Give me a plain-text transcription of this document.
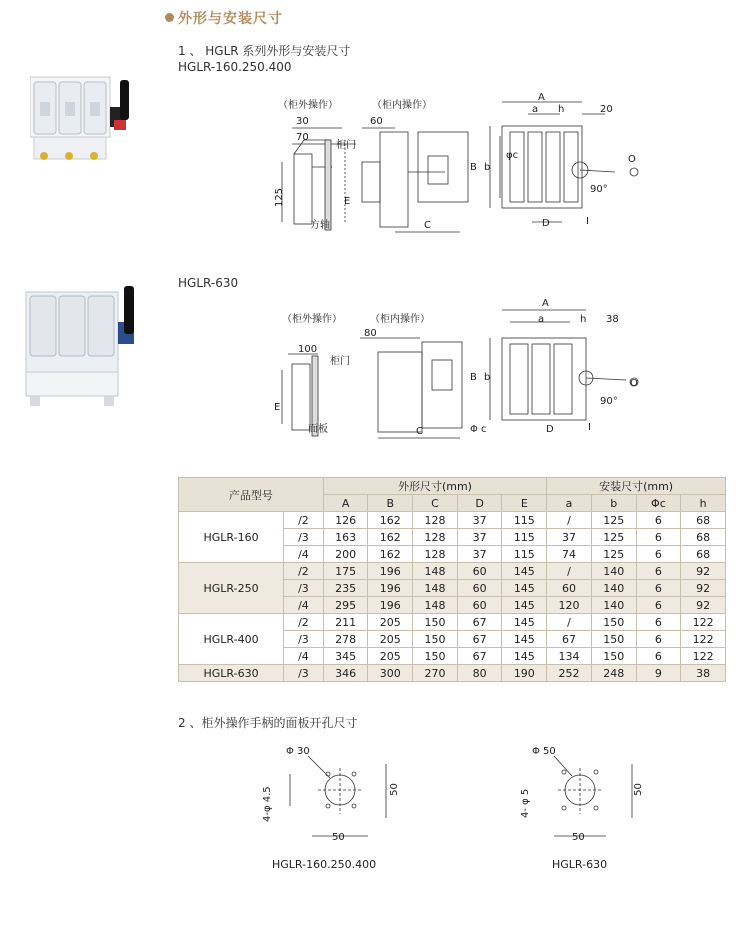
外形与安装尺寸
1 、 HGLR 系列外形与安装尺寸
HGLR-160.250.400
HGLR-630
（柜外操作）	（柜内操作）
30
70
125
柜门
方轴
60
E
C
A
a h	20
B b
φc
D
90°
O
I
（柜外操作）	（柜内操作）
80
100
柜门
面板
E
C
A
a	h 38
B b
Φ c	D
90°
O
I
产品型号		外形尺寸(mm)					安装尺寸(mm)			
		A	B	C	D	E	a	b	Φc	h
HGLR-160	/2	126	162	128	37	115	/	125	6	68
	/3	163	162	128	37	115	37	125	6	68
	/4	200	162	128	37	115	74	125	6	68
HGLR-250	/2	175	196	148	60	145	/	140	6	92
	/3	235	196	148	60	145	60	140	6	92
	/4	295	196	148	60	145	120	140	6	92
HGLR-400	/2	211	205	150	67	145	/	150	6	122
	/3	278	205	150	67	145	67	150	6	122
	/4	345	205	150	67	145	134	150	6	122
HGLR-630	/3	346	300	270	80	190	252	248	9	38
2 、柜外操作手柄的面板开孔尺寸
Φ 30
4-φ 4.5	50
50
HGLR-160.250.400
Φ 50
4- φ 5	50
50
HGLR-630
